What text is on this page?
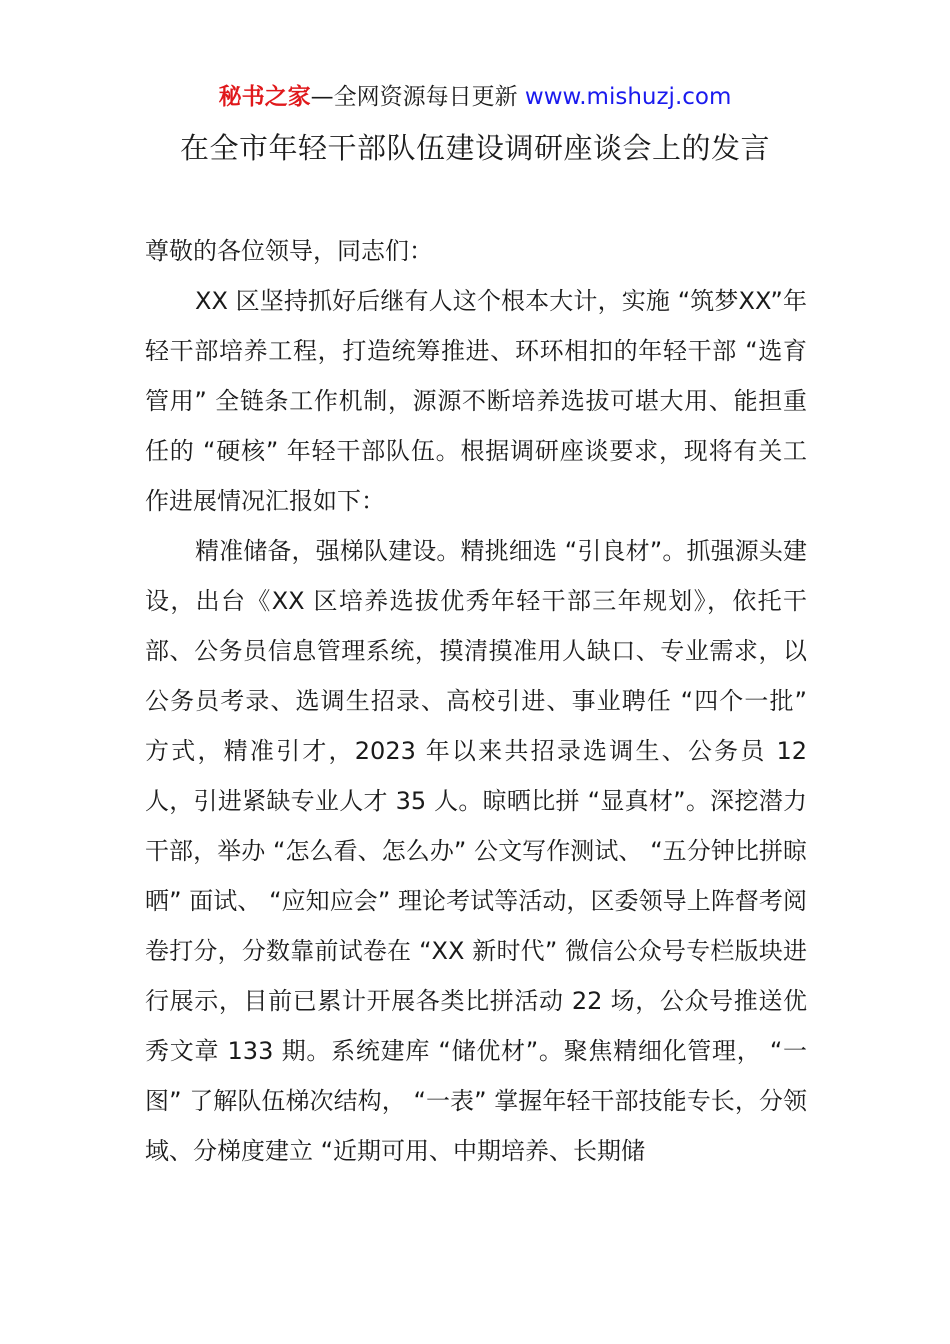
秘书之家—全网资源每日更新 www.mishuzj.com
在全市年轻干部队伍建设调研座谈会上的发言

尊敬的各位领导，同志们：

XX 区坚持抓好后继有人这个根本大计，实施 “筑梦XX”年轻干部培养工程，打造统筹推进、环环相扣的年轻干部 “选育管用” 全链条工作机制，源源不断培养选拔可堪大用、能担重任的 “硬核” 年轻干部队伍。根据调研座谈要求，现将有关工作进展情况汇报如下：

精准储备，强梯队建设。精挑细选 “引良材”。抓强源头建设，出台《XX 区培养选拔优秀年轻干部三年规划》，依托干部、公务员信息管理系统，摸清摸准用人缺口、专业需求，以公务员考录、选调生招录、高校引进、事业聘任 “四个一批” 方式，精准引才，2023 年以来共招录选调生、公务员 12 人，引进紧缺专业人才 35 人。晾晒比拼 “显真材”。深挖潜力干部，举办 “怎么看、怎么办” 公文写作测试、 “五分钟比拼晾晒” 面试、 “应知应会” 理论考试等活动，区委领导上阵督考阅卷打分，分数靠前试卷在 “XX 新时代” 微信公众号专栏版块进行展示，目前已累计开展各类比拼活动 22 场，公众号推送优秀文章 133 期。系统建库 “储优材”。聚焦精细化管理， “一图” 了解队伍梯次结构， “一表” 掌握年轻干部技能专长，分领域、分梯度建立 “近期可用、中期培养、长期储
